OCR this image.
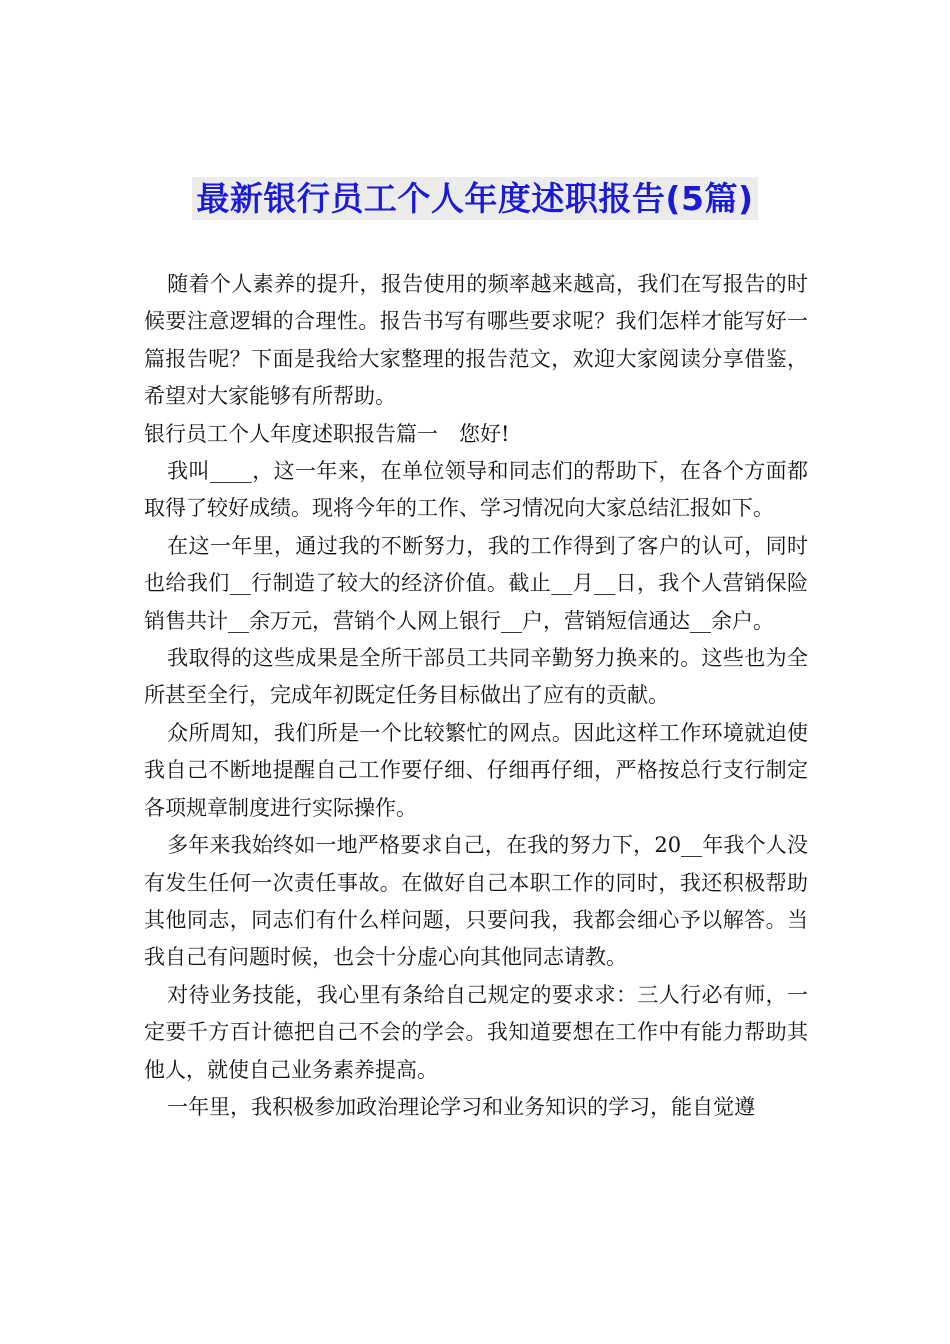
最新银行员工个人年度述职报告(5篇)

随着个人素养的提升，报告使用的频率越来越高，我们在写报告的时候要注意逻辑的合理性。报告书写有哪些要求呢？我们怎样才能写好一篇报告呢？下面是我给大家整理的报告范文，欢迎大家阅读分享借鉴，希望对大家能够有所帮助。

银行员工个人年度述职报告篇一　您好!

我叫____，这一年来，在单位领导和同志们的帮助下，在各个方面都取得了较好成绩。现将今年的工作、学习情况向大家总结汇报如下。

在这一年里，通过我的不断努力，我的工作得到了客户的认可，同时也给我们__行制造了较大的经济价值。截止__月__日，我个人营销保险销售共计__余万元，营销个人网上银行__户，营销短信通达__余户。

我取得的这些成果是全所干部员工共同辛勤努力换来的。这些也为全所甚至全行，完成年初既定任务目标做出了应有的贡献。

众所周知，我们所是一个比较繁忙的网点。因此这样工作环境就迫使我自己不断地提醒自己工作要仔细、仔细再仔细，严格按总行支行制定各项规章制度进行实际操作。

多年来我始终如一地严格要求自己，在我的努力下，20__年我个人没有发生任何一次责任事故。在做好自己本职工作的同时，我还积极帮助其他同志，同志们有什么样问题，只要问我，我都会细心予以解答。当我自己有问题时候，也会十分虚心向其他同志请教。

对待业务技能，我心里有条给自己规定的要求求：三人行必有师，一定要千方百计德把自己不会的学会。我知道要想在工作中有能力帮助其他人，就使自己业务素养提高。

一年里，我积极参加政治理论学习和业务知识的学习，能自觉遵
